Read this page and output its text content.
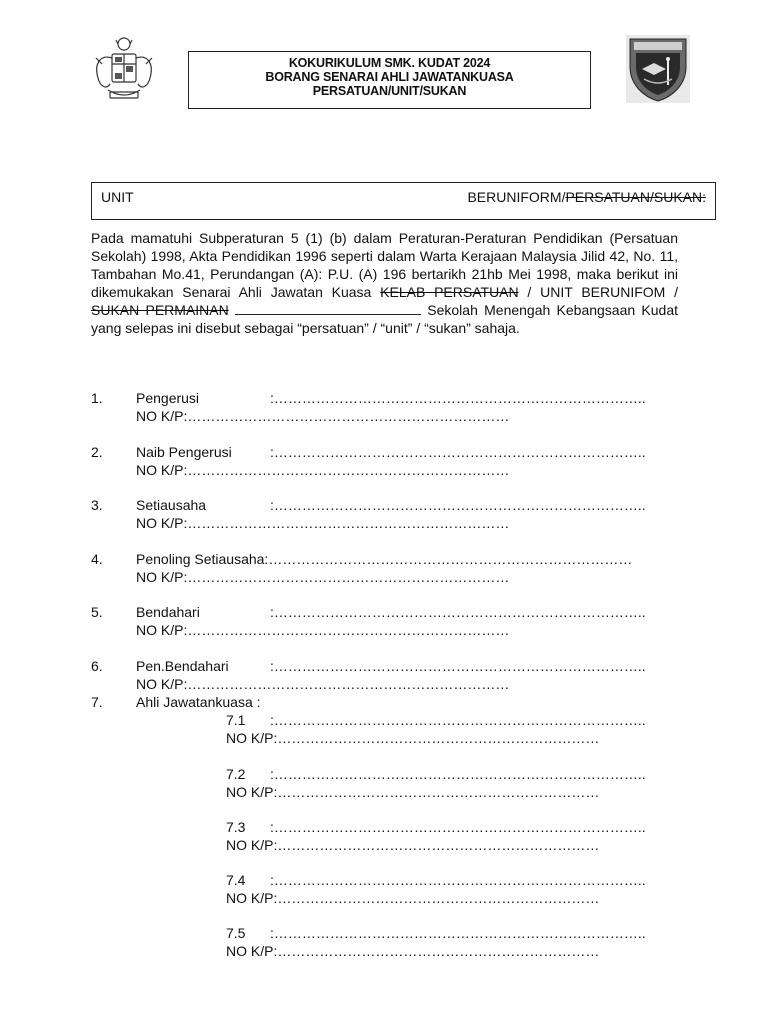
KOKURIKULUM SMK. KUDAT 2024
BORANG SENARAI AHLI JAWATANKUASA
PERSATUAN/UNIT/SUKAN
UNIT	BERUNIFORM/PERSATUAN/SUKAN:
Pada mamatuhi Subperaturan 5 (1) (b) dalam Peraturan-Peraturan Pendidikan (Persatuan Sekolah) 1998, Akta Pendidikan 1996 seperti dalam Warta Kerajaan Malaysia Jilid 42, No. 11, Tambahan Mo.41, Perundangan (A): P.U. (A) 196 bertarikh 21hb Mei 1998, maka berikut ini dikemukakan Senarai Ahli Jawatan Kuasa KELAB PERSATUAN / UNIT BERUNIFOM / SUKAN PERMAINAN	Sekolah Menengah Kebangsaan Kudat yang selepas ini disebut sebagai “persatuan” / “unit” / “sukan” sahaja.
1. Pengerusi	:……………………………………………………………………..
NO K/P:……………………………………………………………
2. Naib Pengerusi	:……………………………………………………………………..
NO K/P:……………………………………………………………
3. Setiausaha	:……………………………………………………………………..
NO K/P:……………………………………………………………
4. Penoling Setiausaha:……………………………………………………………………
NO K/P:……………………………………………………………
5. Bendahari	:……………………………………………………………………..
NO K/P:……………………………………………………………
6. Pen.Bendahari	:……………………………………………………………………..
NO K/P:……………………………………………………………
7. Ahli Jawatankuasa :
7.1 :……………………………………………………………………..
NO K/P:……………………………………………………………
7.2 :……………………………………………………………………..
NO K/P:……………………………………………………………
7.3 :……………………………………………………………………..
NO K/P:……………………………………………………………
7.4 :……………………………………………………………………..
NO K/P:……………………………………………………………
7.5 :……………………………………………………………………..
NO K/P:……………………………………………………………
